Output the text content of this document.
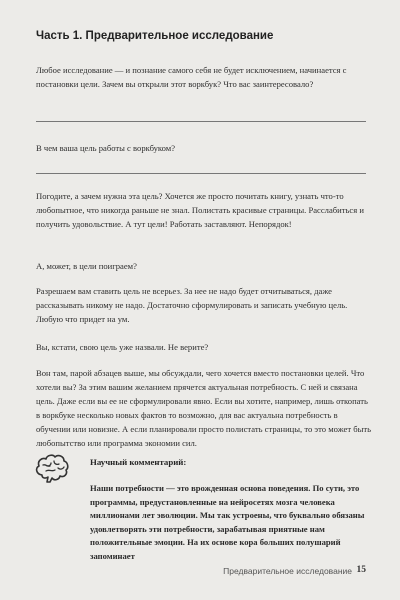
Часть 1. Предварительное исследование

Любое исследование — и познание самого себя не будет исключением, начинается с постановки цели. Зачем вы открыли этот воркбук? Что вас заинтересовало?

В чем ваша цель работы с воркбуком?

Погодите, а зачем нужна эта цель? Хочется же просто почитать книгу, узнать что-то любопытное, что никогда раньше не знал. Полистать красивые страницы. Расслабиться и получить удовольствие. А тут цели! Работать заставляют. Непорядок!

А, может, в цели поиграем?

Разрешаем вам ставить цель не всерьез. За нее не надо будет отчитываться, даже рассказывать никому не надо. Достаточно сформулировать и записать учебную цель. Любую что придет на ум.

Вы, кстати, свою цель уже назвали. Не верите?

Вон там, парой абзацев выше, мы обсуждали, чего хочется вместо постановки целей. Что хотели вы? За этим вашим желанием прячется актуальная потребность. С ней и связана цель. Даже если вы ее не сформулировали явно. Если вы хотите, например, лишь откопать в воркбуке несколько новых фактов то возможно, для вас актуальна потребность в обучении или новизне. А если планировали просто полистать страницы, то это может быть любопытство или программа экономии сил.

Научный комментарий:

Наши потребности — это врожденная основа поведения. По сути, это программы, предустановленные на нейросетях мозга человека миллионами лет эволюции. Мы так устроены, что буквально обязаны удовлетворять эти потребности, зарабатывая приятные нам положительные эмоции. На их основе кора больших полушарий запоминает

Предварительное исследование 15
